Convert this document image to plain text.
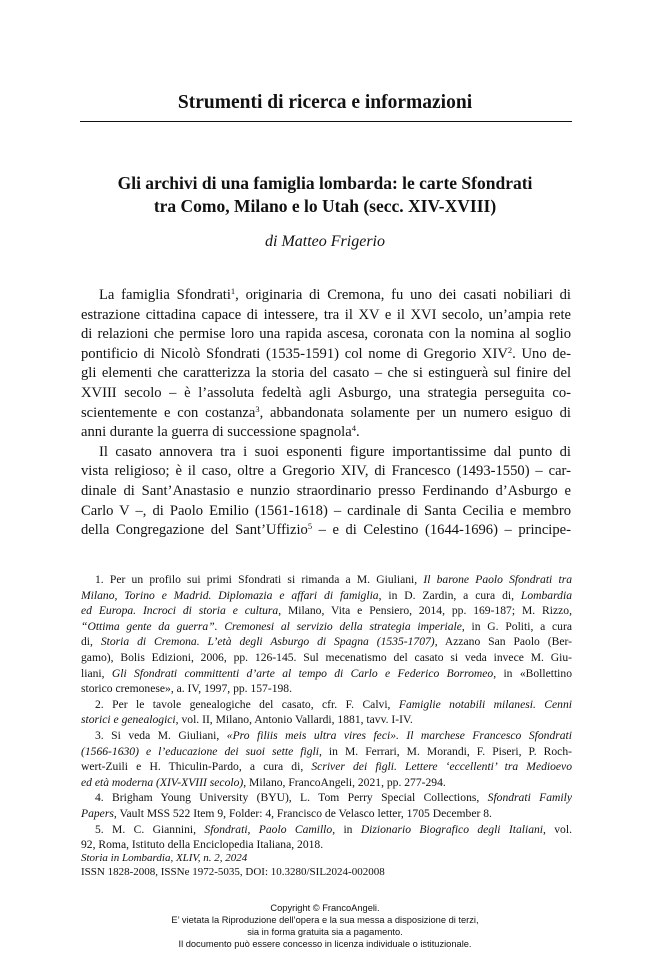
Strumenti di ricerca e informazioni
Gli archivi di una famiglia lombarda: le carte Sfondrati
tra Como, Milano e lo Utah (secc. XIV-XVIII)
di Matteo Frigerio
La famiglia Sfondrati$^1$, originaria di Cremona, fu uno dei casati nobiliari di
estrazione cittadina capace di intessere, tra il XV e il XVI secolo, un’ampia rete
di relazioni che permise loro una rapida ascesa, coronata con la nomina al soglio
pontificio di Nicolò Sfondrati (1535-1591) col nome di Gregorio XIV$^2$. Uno de-
gli elementi che caratterizza la storia del casato – che si estinguerà sul finire del
XVIII secolo – è l’assoluta fedeltà agli Asburgo, una strategia perseguita co-
scientemente e con costanza$^3$, abbandonata solamente per un numero esiguo di
anni durante la guerra di successione spagnola$^4$.
Il casato annovera tra i suoi esponenti figure importantissime dal punto di
vista religioso; è il caso, oltre a Gregorio XIV, di Francesco (1493-1550) – car-
dinale di Sant’Anastasio e nunzio straordinario presso Ferdinando d’Asburgo e
Carlo V –, di Paolo Emilio (1561-1618) – cardinale di Santa Cecilia e membro
della Congregazione del Sant’Uffizio$^5$ – e di Celestino (1644-1696) – principe-
1. Per un profilo sui primi Sfondrati si rimanda a M. Giuliani, Il barone Paolo Sfondrati tra
Milano, Torino e Madrid. Diplomazia e affari di famiglia, in D. Zardin, a cura di, Lombardia
ed Europa. Incroci di storia e cultura, Milano, Vita e Pensiero, 2014, pp. 169-187; M. Rizzo,
“Ottima gente da guerra”. Cremonesi al servizio della strategia imperiale, in G. Politi, a cura
di, Storia di Cremona. L’età degli Asburgo di Spagna (1535-1707), Azzano San Paolo (Ber-
gamo), Bolis Edizioni, 2006, pp. 126-145. Sul mecenatismo del casato si veda invece M. Giu-
liani, Gli Sfondrati committenti d’arte al tempo di Carlo e Federico Borromeo, in «Bollettino
storico cremonese», a. IV, 1997, pp. 157-198.
2. Per le tavole genealogiche del casato, cfr. F. Calvi, Famiglie notabili milanesi. Cenni
storici e genealogici, vol. II, Milano, Antonio Vallardi, 1881, tavv. I-IV.
3. Si veda M. Giuliani, «Pro filiis meis ultra vires feci». Il marchese Francesco Sfondrati
(1566-1630) e l’educazione dei suoi sette figli, in M. Ferrari, M. Morandi, F. Piseri, P. Roch-
wert-Zuili e H. Thiculin-Pardo, a cura di, Scriver dei figli. Lettere ‘eccellenti’ tra Medioevo
ed età moderna (XIV-XVIII secolo), Milano, FrancoAngeli, 2021, pp. 277-294.
4. Brigham Young University (BYU), L. Tom Perry Special Collections, Sfondrati Family
Papers, Vault MSS 522 Item 9, Folder: 4, Francisco de Velasco letter, 1705 December 8.
5. M. C. Giannini, Sfondrati, Paolo Camillo, in Dizionario Biografico degli Italiani, vol.
92, Roma, Istituto della Enciclopedia Italiana, 2018.
Storia in Lombardia, XLIV, n. 2, 2024
ISSN 1828-2008, ISSNe 1972-5035, DOI: 10.3280/SIL2024-002008
Copyright © FrancoAngeli.
E’ vietata la Riproduzione dell’opera e la sua messa a disposizione di terzi,
sia in forma gratuita sia a pagamento.
Il documento può essere concesso in licenza individuale o istituzionale.
